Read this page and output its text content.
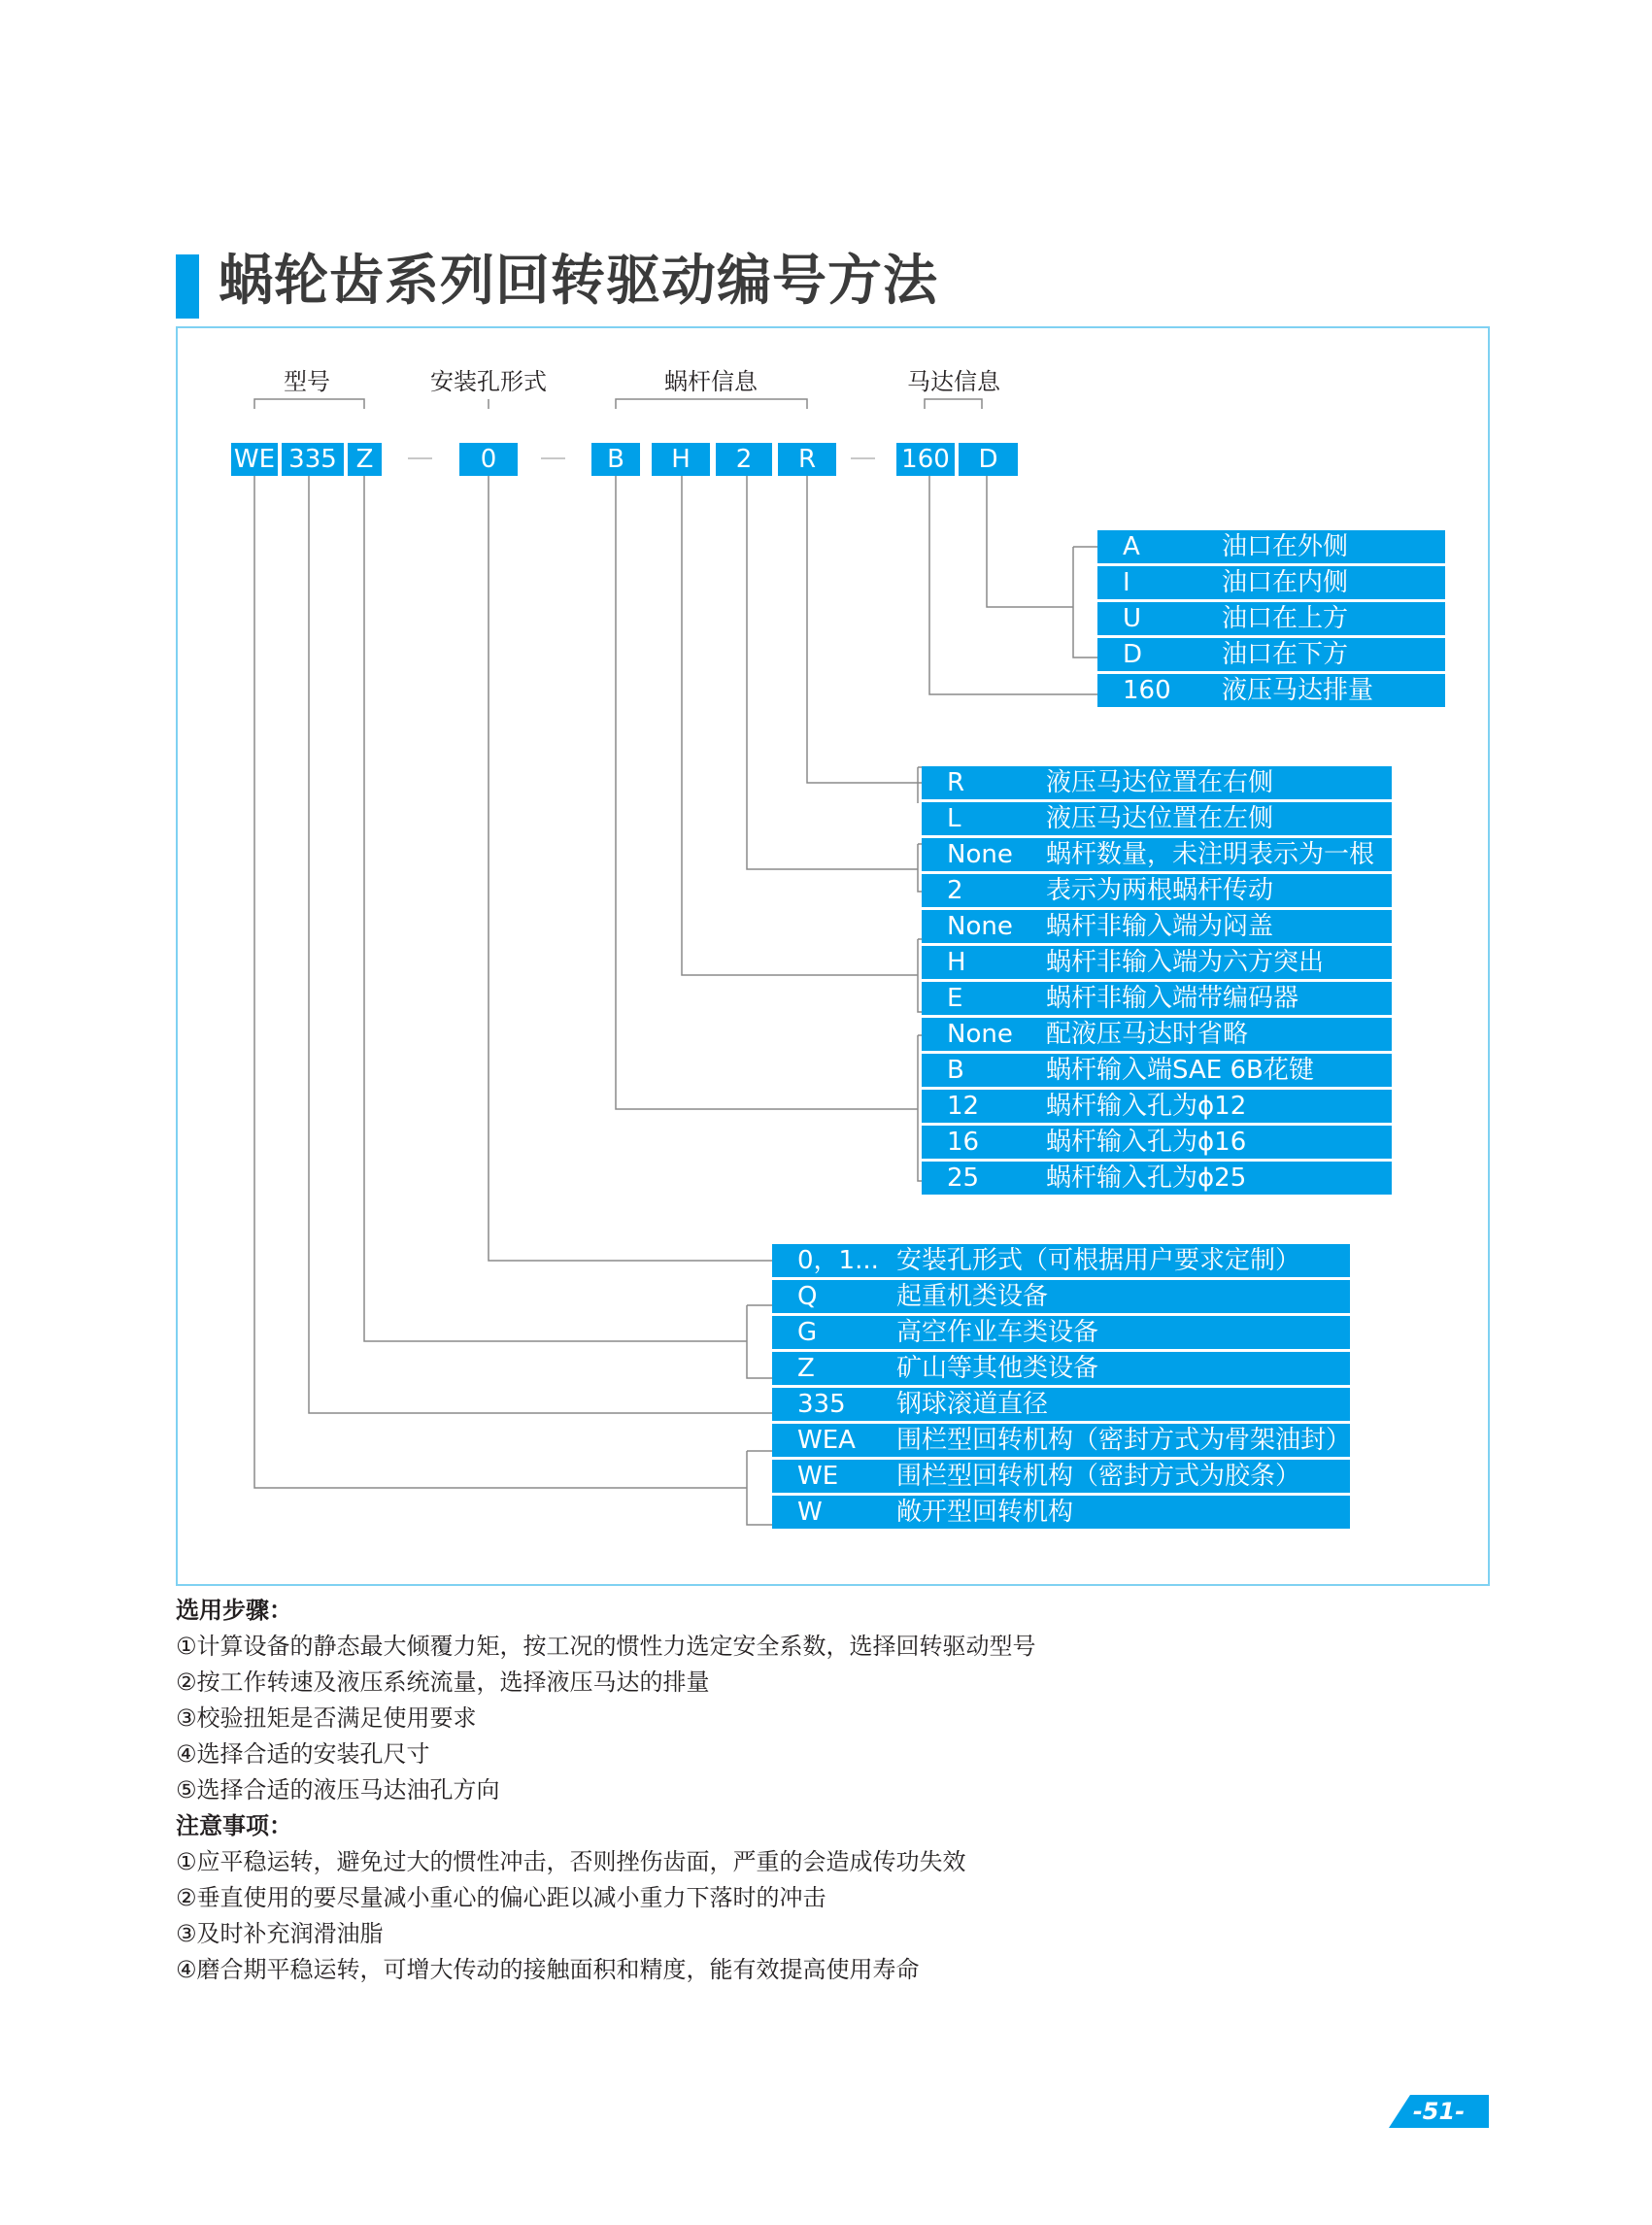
蜗轮齿系列回转驱动编号方法
型号	安装孔形式	蜗杆信息	马达信息
WE 335 Z	0	B	H	2	R	160	D
A	油口在外侧
I	油口在内侧
U	油口在上方
D	油口在下方
160 液压马达排量
R	液压马达位置在右侧
L	液压马达位置在左侧
None 蜗杆数量，未注明表示为一根
2	表示为两根蜗杆传动
None 蜗杆非输入端为闷盖
H	蜗杆非输入端为六方突出
E	蜗杆非输入端带编码器
None 配液压马达时省略
B	蜗杆输入端SAE 6B花键
12	蜗杆输入孔为ϕ12
16	蜗杆输入孔为ϕ16
25	蜗杆输入孔为ϕ25
0，1... 安装孔形式（可根据用户要求定制）
Q	起重机类设备
G	高空作业车类设备
Z	矿山等其他类设备
335 钢球滚道直径
WEA 围栏型回转机构（密封方式为骨架油封）
WE 围栏型回转机构（密封方式为胶条）
W	敞开型回转机构
选用步骤：
①计算设备的静态最大倾覆力矩，按工况的惯性力选定安全系数，选择回转驱动型号
②按工作转速及液压系统流量，选择液压马达的排量
③校验扭矩是否满足使用要求
④选择合适的安装孔尺寸
⑤选择合适的液压马达油孔方向
注意事项：
①应平稳运转，避免过大的惯性冲击，否则挫伤齿面，严重的会造成传功失效
②垂直使用的要尽量减小重心的偏心距以减小重力下落时的冲击
③及时补充润滑油脂
④磨合期平稳运转，可增大传动的接触面积和精度，能有效提高使用寿命
-51-
